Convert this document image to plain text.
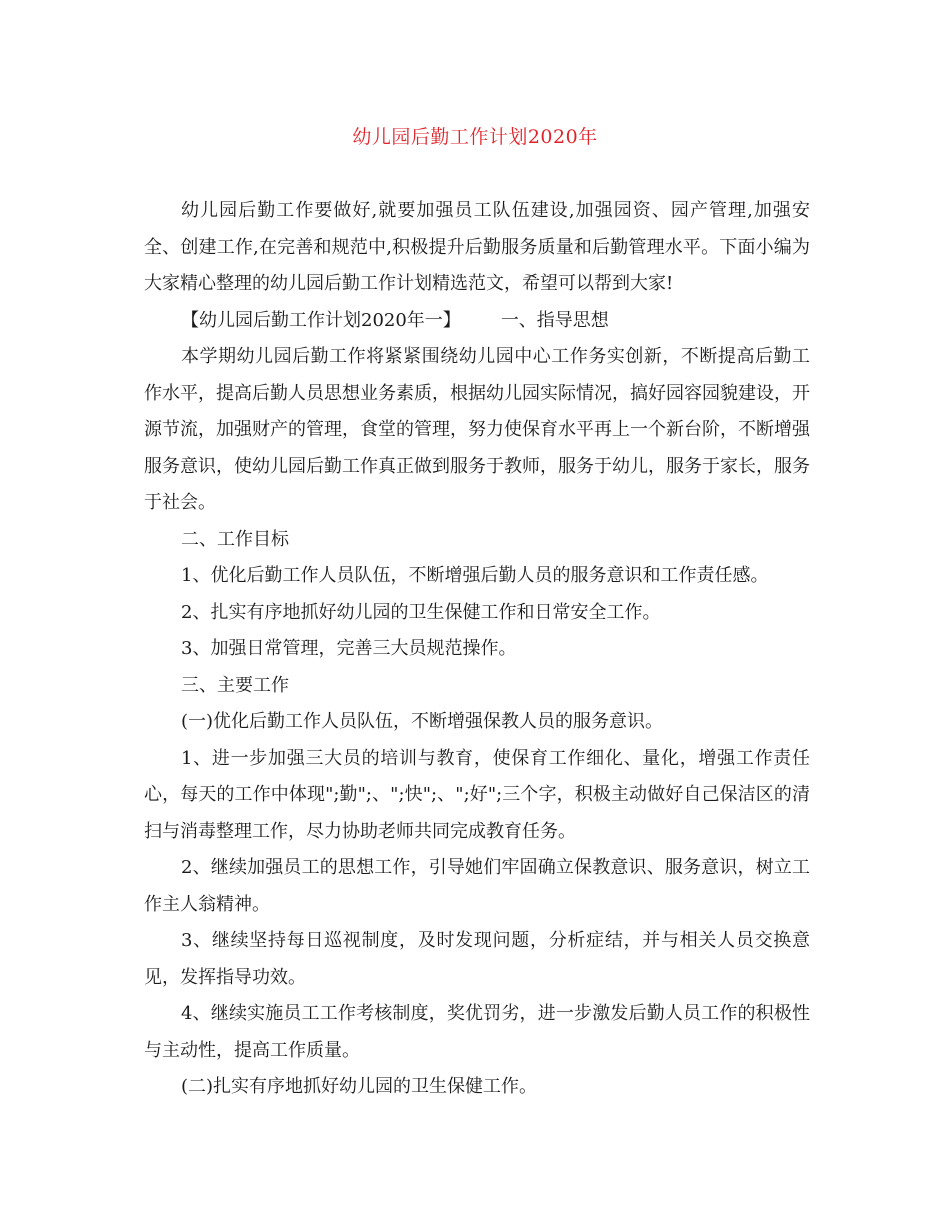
幼儿园后勤工作计划2020年

幼儿园后勤工作要做好,就要加强员工队伍建设,加强园资、园产管理,加强安全、创建工作,在完善和规范中,积极提升后勤服务质量和后勤管理水平。下面小编为大家精心整理的幼儿园后勤工作计划精选范文，希望可以帮到大家!

【幼儿园后勤工作计划2020年一】 一、指导思想

本学期幼儿园后勤工作将紧紧围绕幼儿园中心工作务实创新，不断提高后勤工作水平，提高后勤人员思想业务素质，根据幼儿园实际情况，搞好园容园貌建设，开源节流，加强财产的管理，食堂的管理，努力使保育水平再上一个新台阶，不断增强服务意识，使幼儿园后勤工作真正做到服务于教师，服务于幼儿，服务于家长，服务于社会。

二、工作目标

1、优化后勤工作人员队伍，不断增强后勤人员的服务意识和工作责任感。

2、扎实有序地抓好幼儿园的卫生保健工作和日常安全工作。

3、加强日常管理，完善三大员规范操作。

三、主要工作

(一)优化后勤工作人员队伍，不断增强保教人员的服务意识。

1、进一步加强三大员的培训与教育，使保育工作细化、量化，增强工作责任心，每天的工作中体现";勤";、";快";、";好";三个字，积极主动做好自己保洁区的清扫与消毒整理工作，尽力协助老师共同完成教育任务。

2、继续加强员工的思想工作，引导她们牢固确立保教意识、服务意识，树立工作主人翁精神。

3、继续坚持每日巡视制度，及时发现问题，分析症结，并与相关人员交换意见，发挥指导功效。

4、继续实施员工工作考核制度，奖优罚劣，进一步激发后勤人员工作的积极性与主动性，提高工作质量。

(二)扎实有序地抓好幼儿园的卫生保健工作。
